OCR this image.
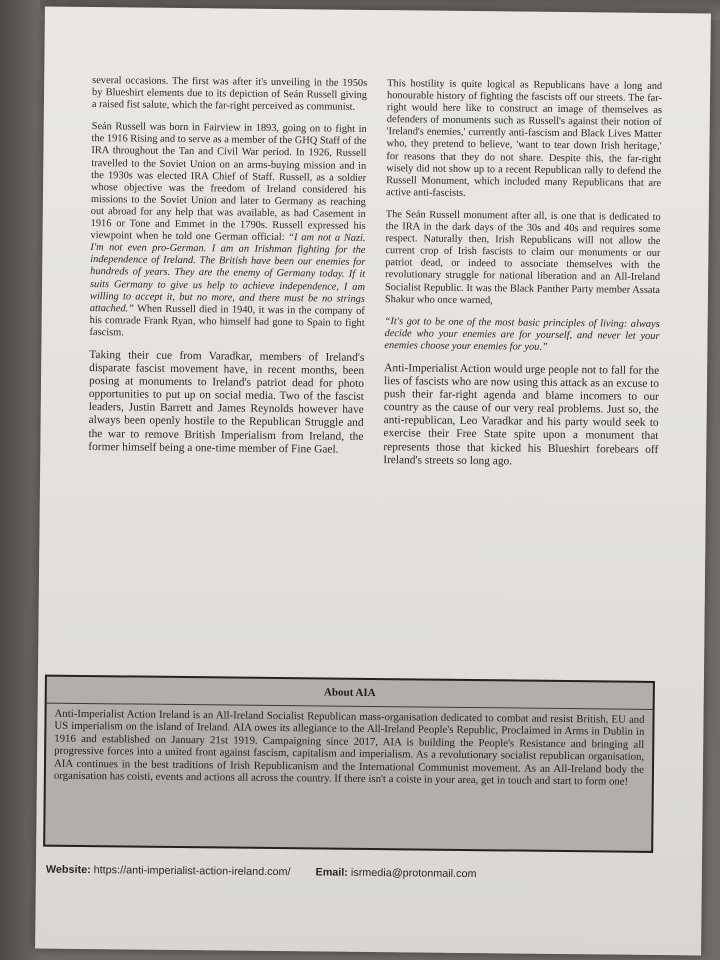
several occasions. The first was after it's unveiling in the 1950s by Blueshirt elements due to its depiction of Seán Russell giving a raised fist salute, which the far-right perceived as communist.

Seán Russell was born in Fairview in 1893, going on to fight in the 1916 Rising and to serve as a member of the GHQ Staff of the IRA throughout the Tan and Civil War period. In 1926, Russell travelled to the Soviet Union on an arms-buying mission and in the 1930s was elected IRA Chief of Staff. Russell, as a soldier whose objective was the freedom of Ireland considered his missions to the Soviet Union and later to Germany as reaching out abroad for any help that was available, as had Casement in 1916 or Tone and Emmet in the 1790s. Russell expressed his viewpoint when he told one German official: “I am not a Nazi. I'm not even pro-German. I am an Irishman fighting for the independence of Ireland. The British have been our enemies for hundreds of years. They are the enemy of Germany today. If it suits Germany to give us help to achieve independence, I am willing to accept it, but no more, and there must be no strings attached.” When Russell died in 1940, it was in the company of his comrade Frank Ryan, who himself had gone to Spain to fight fascism.

Taking their cue from Varadkar, members of Ireland's disparate fascist movement have, in recent months, been posing at monuments to Ireland's patriot dead for photo opportunities to put up on social media. Two of the fascist leaders, Justin Barrett and James Reynolds however have always been openly hostile to the Republican Struggle and the war to remove British Imperialism from Ireland, the former himself being a one-time member of Fine Gael.

This hostility is quite logical as Republicans have a long and honourable history of fighting the fascists off our streets. The far-right would here like to construct an image of themselves as defenders of monuments such as Russell's against their notion of 'Ireland's enemies,' currently anti-fascism and Black Lives Matter who, they pretend to believe, 'want to tear down Irish heritage,' for reasons that they do not share. Despite this, the far-right wisely did not show up to a recent Republican rally to defend the Russell Monument, which included many Republicans that are active anti-fascists.

The Seán Russell monument after all, is one that is dedicated to the IRA in the dark days of the 30s and 40s and requires some respect. Naturally then, Irish Republicans will not allow the current crop of Irish fascists to claim our monuments or our patriot dead, or indeed to associate themselves with the revolutionary struggle for national liberation and an All-Ireland Socialist Republic. It was the Black Panther Party member Assata Shakur who once warned,

“It's got to be one of the most basic principles of living: always decide who your enemies are for yourself, and never let your enemies choose your enemies for you.”

Anti-Imperialist Action would urge people not to fall for the lies of fascists who are now using this attack as an excuse to push their far-right agenda and blame incomers to our country as the cause of our very real problems. Just so, the anti-republican, Leo Varadkar and his party would seek to exercise their Free State spite upon a monument that represents those that kicked his Blueshirt forebears off Ireland's streets so long ago.

About AIA
Anti-Imperialist Action Ireland is an All-Ireland Socialist Republican mass-organisation dedicated to combat and resist British, EU and US imperialism on the island of Ireland. AIA owes its allegiance to the All-Ireland People's Republic, Proclaimed in Arms in Dublin in 1916 and established on January 21st 1919. Campaigning since 2017, AIA is building the People's Resistance and bringing all progressive forces into a united front against fascism, capitalism and imperialism. As a revolutionary socialist republican organisation, AIA continues in the best traditions of Irish Republicanism and the International Communist movement. As an All-Ireland body the organisation has coisti, events and actions all across the country. If there isn't a coiste in your area, get in touch and start to form one!
Website: https://anti-imperialist-action-ireland.com/ Email: isrmedia@protonmail.com
